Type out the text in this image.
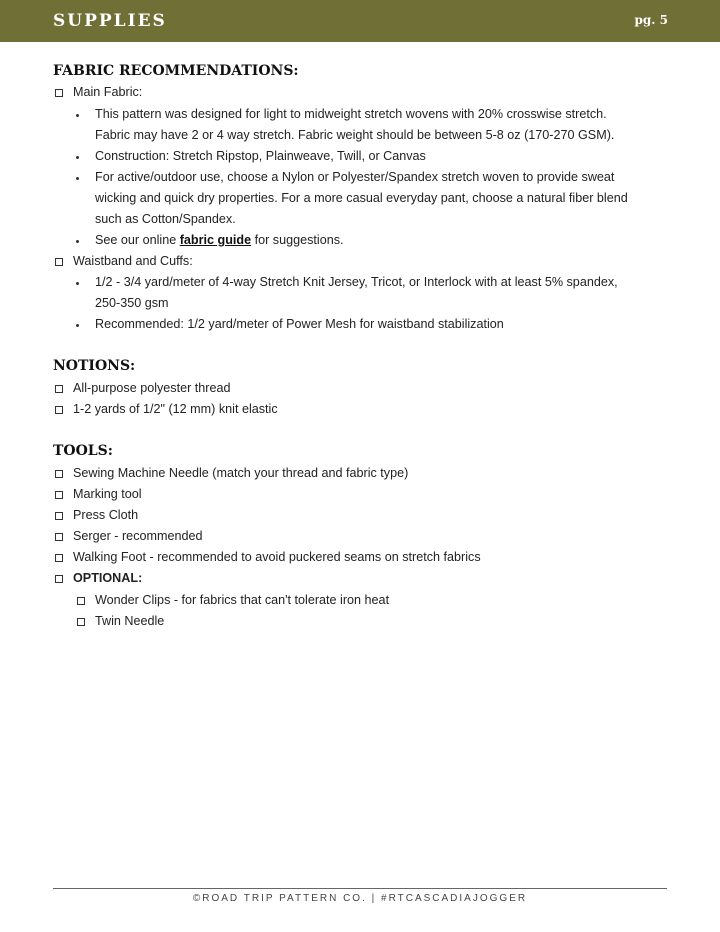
SUPPLIES	pg. 5
FABRIC RECOMMENDATIONS:
Main Fabric:
This pattern was designed for light to midweight stretch wovens with 20% crosswise stretch.
Fabric may have 2 or 4 way stretch. Fabric weight should be between 5-8 oz (170-270 GSM).
Construction: Stretch Ripstop, Plainweave, Twill, or Canvas
For active/outdoor use, choose a Nylon or Polyester/Spandex stretch woven to provide sweat
wicking and quick dry properties. For a more casual everyday pant, choose a natural fiber blend
such as Cotton/Spandex.
See our online fabric guide for suggestions.
Waistband and Cuffs:
1/2 - 3/4 yard/meter of 4-way Stretch Knit Jersey, Tricot, or Interlock with at least 5% spandex,
250-350 gsm
Recommended: 1/2 yard/meter of Power Mesh for waistband stabilization
NOTIONS:
All-purpose polyester thread
1-2 yards of 1/2" (12 mm) knit elastic
TOOLS:
Sewing Machine Needle (match your thread and fabric type)
Marking tool
Press Cloth
Serger - recommended
Walking Foot - recommended to avoid puckered seams on stretch fabrics
OPTIONAL:
Wonder Clips - for fabrics that can't tolerate iron heat
Twin Needle
©ROAD TRIP PATTERN CO. | #RTCASCADIAJOGGER
